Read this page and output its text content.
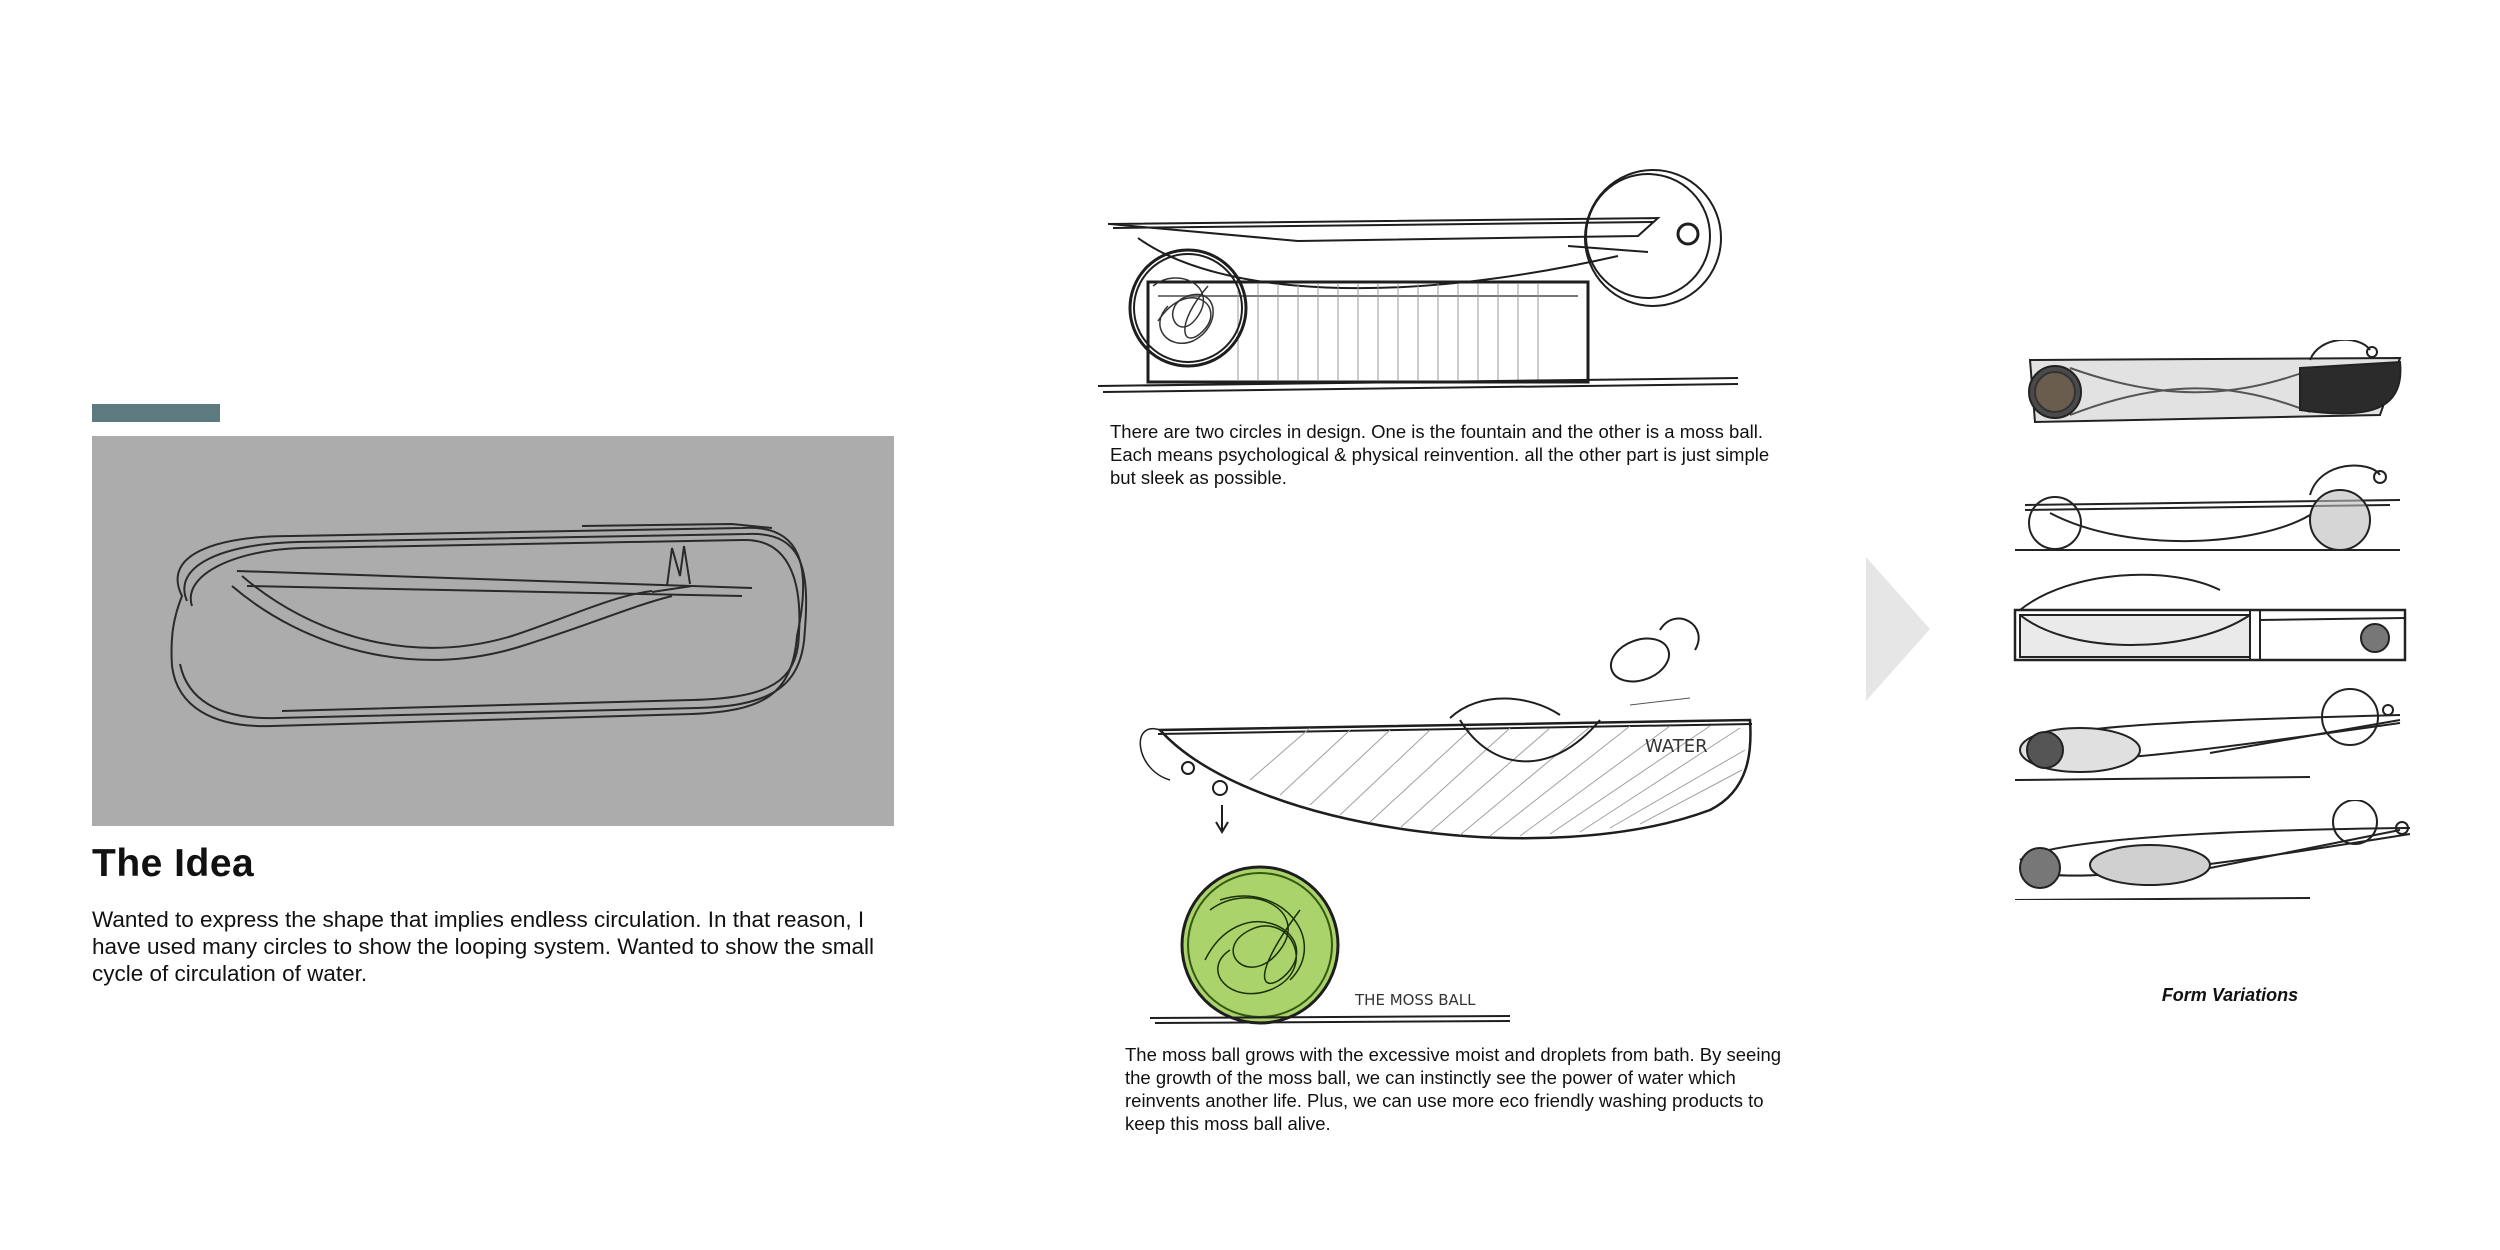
The Idea

Wanted to express the shape that implies endless circulation. In that reason, I have used many circles to show the looping system. Wanted to show the small cycle of circulation of water.

There are two circles in design. One is the fountain and the other is a moss ball. Each means psychological & physical reinvention. all the other part is just simple but sleek as possible.

WATER
THE MOSS BALL

The moss ball grows with the excessive moist and droplets from bath. By seeing the growth of the moss ball, we can instinctly see the power of water which reinvents another life. Plus, we can use more eco friendly washing products to keep this moss ball alive.

Form Variations
